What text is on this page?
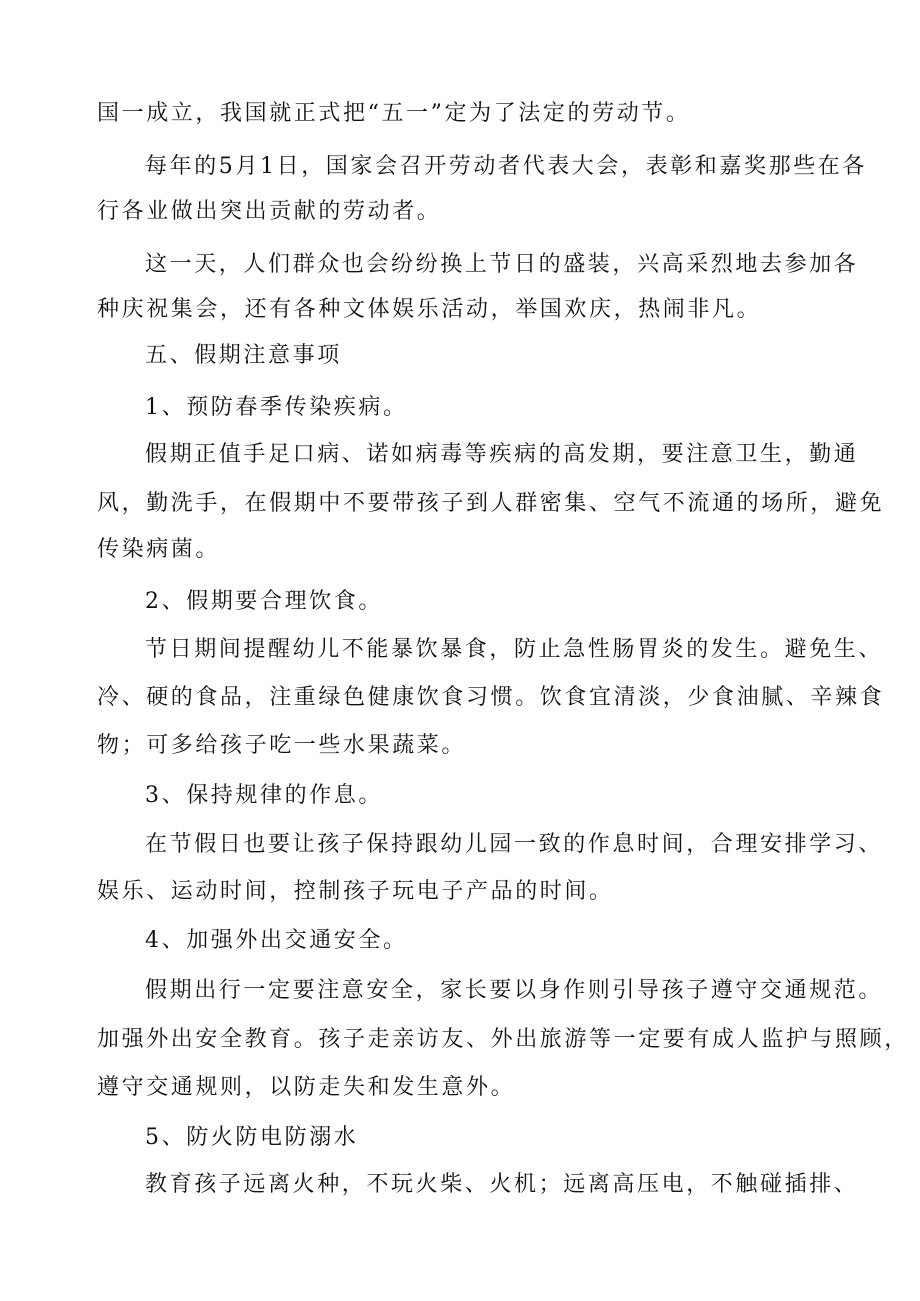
国一成立，我国就正式把“五一”定为了法定的劳动节。
每年的5月1日，国家会召开劳动者代表大会，表彰和嘉奖那些在各
行各业做出突出贡献的劳动者。
这一天，人们群众也会纷纷换上节日的盛装，兴高采烈地去参加各
种庆祝集会，还有各种文体娱乐活动，举国欢庆，热闹非凡。
五、假期注意事项
1、预防春季传染疾病。
假期正值手足口病、诺如病毒等疾病的高发期，要注意卫生，勤通
风，勤洗手，在假期中不要带孩子到人群密集、空气不流通的场所，避免
传染病菌。
2、假期要合理饮食。
节日期间提醒幼儿不能暴饮暴食，防止急性肠胃炎的发生。避免生、
冷、硬的食品，注重绿色健康饮食习惯。饮食宜清淡，少食油腻、辛辣食
物；可多给孩子吃一些水果蔬菜。
3、保持规律的作息。
在节假日也要让孩子保持跟幼儿园一致的作息时间，合理安排学习、
娱乐、运动时间，控制孩子玩电子产品的时间。
4、加强外出交通安全。
假期出行一定要注意安全，家长要以身作则引导孩子遵守交通规范。
加强外出安全教育。孩子走亲访友、外出旅游等一定要有成人监护与照顾，
遵守交通规则，以防走失和发生意外。
5、防火防电防溺水
教育孩子远离火种，不玩火柴、火机；远离高压电，不触碰插排、
